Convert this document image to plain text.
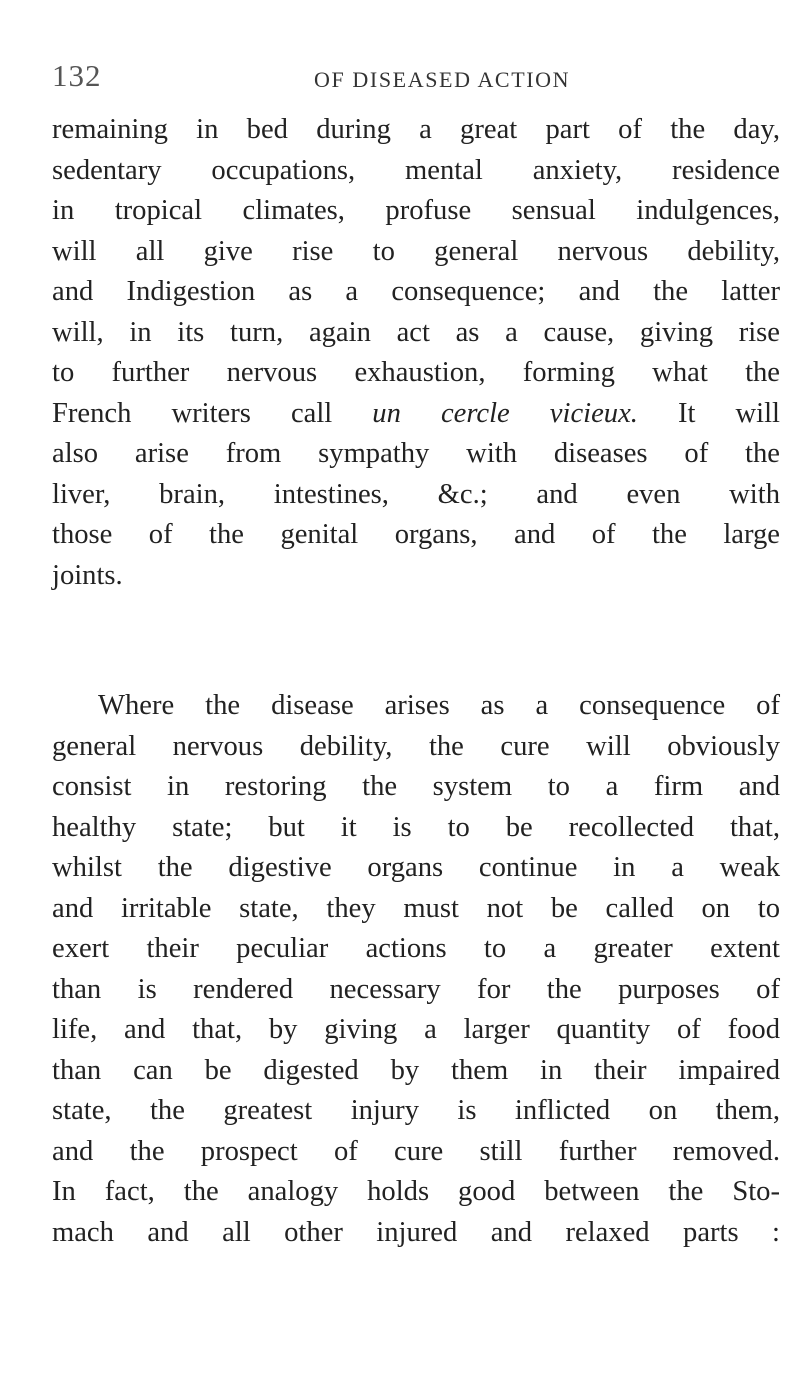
132	OF DISEASED ACTION
remaining in bed during a great part of the day,
sedentary occupations, mental anxiety, residence
in tropical climates, profuse sensual indulgences,
will all give rise to general nervous debility,
and Indigestion as a consequence; and the latter
will, in its turn, again act as a cause, giving rise
to further nervous exhaustion, forming what the
French writers call un cercle vicieux. It will
also arise from sympathy with diseases of the
liver, brain, intestines, &c.; and even with
those of the genital organs, and of the large
joints.
Where the disease arises as a consequence of
general nervous debility, the cure will obviously
consist in restoring the system to a firm and
healthy state; but it is to be recollected that,
whilst the digestive organs continue in a weak
and irritable state, they must not be called on to
exert their peculiar actions to a greater extent
than is rendered necessary for the purposes of
life, and that, by giving a larger quantity of food
than can be digested by them in their impaired
state, the greatest injury is inflicted on them,
and the prospect of cure still further removed.
In fact, the analogy holds good between the Sto-
mach and all other injured and relaxed parts :
